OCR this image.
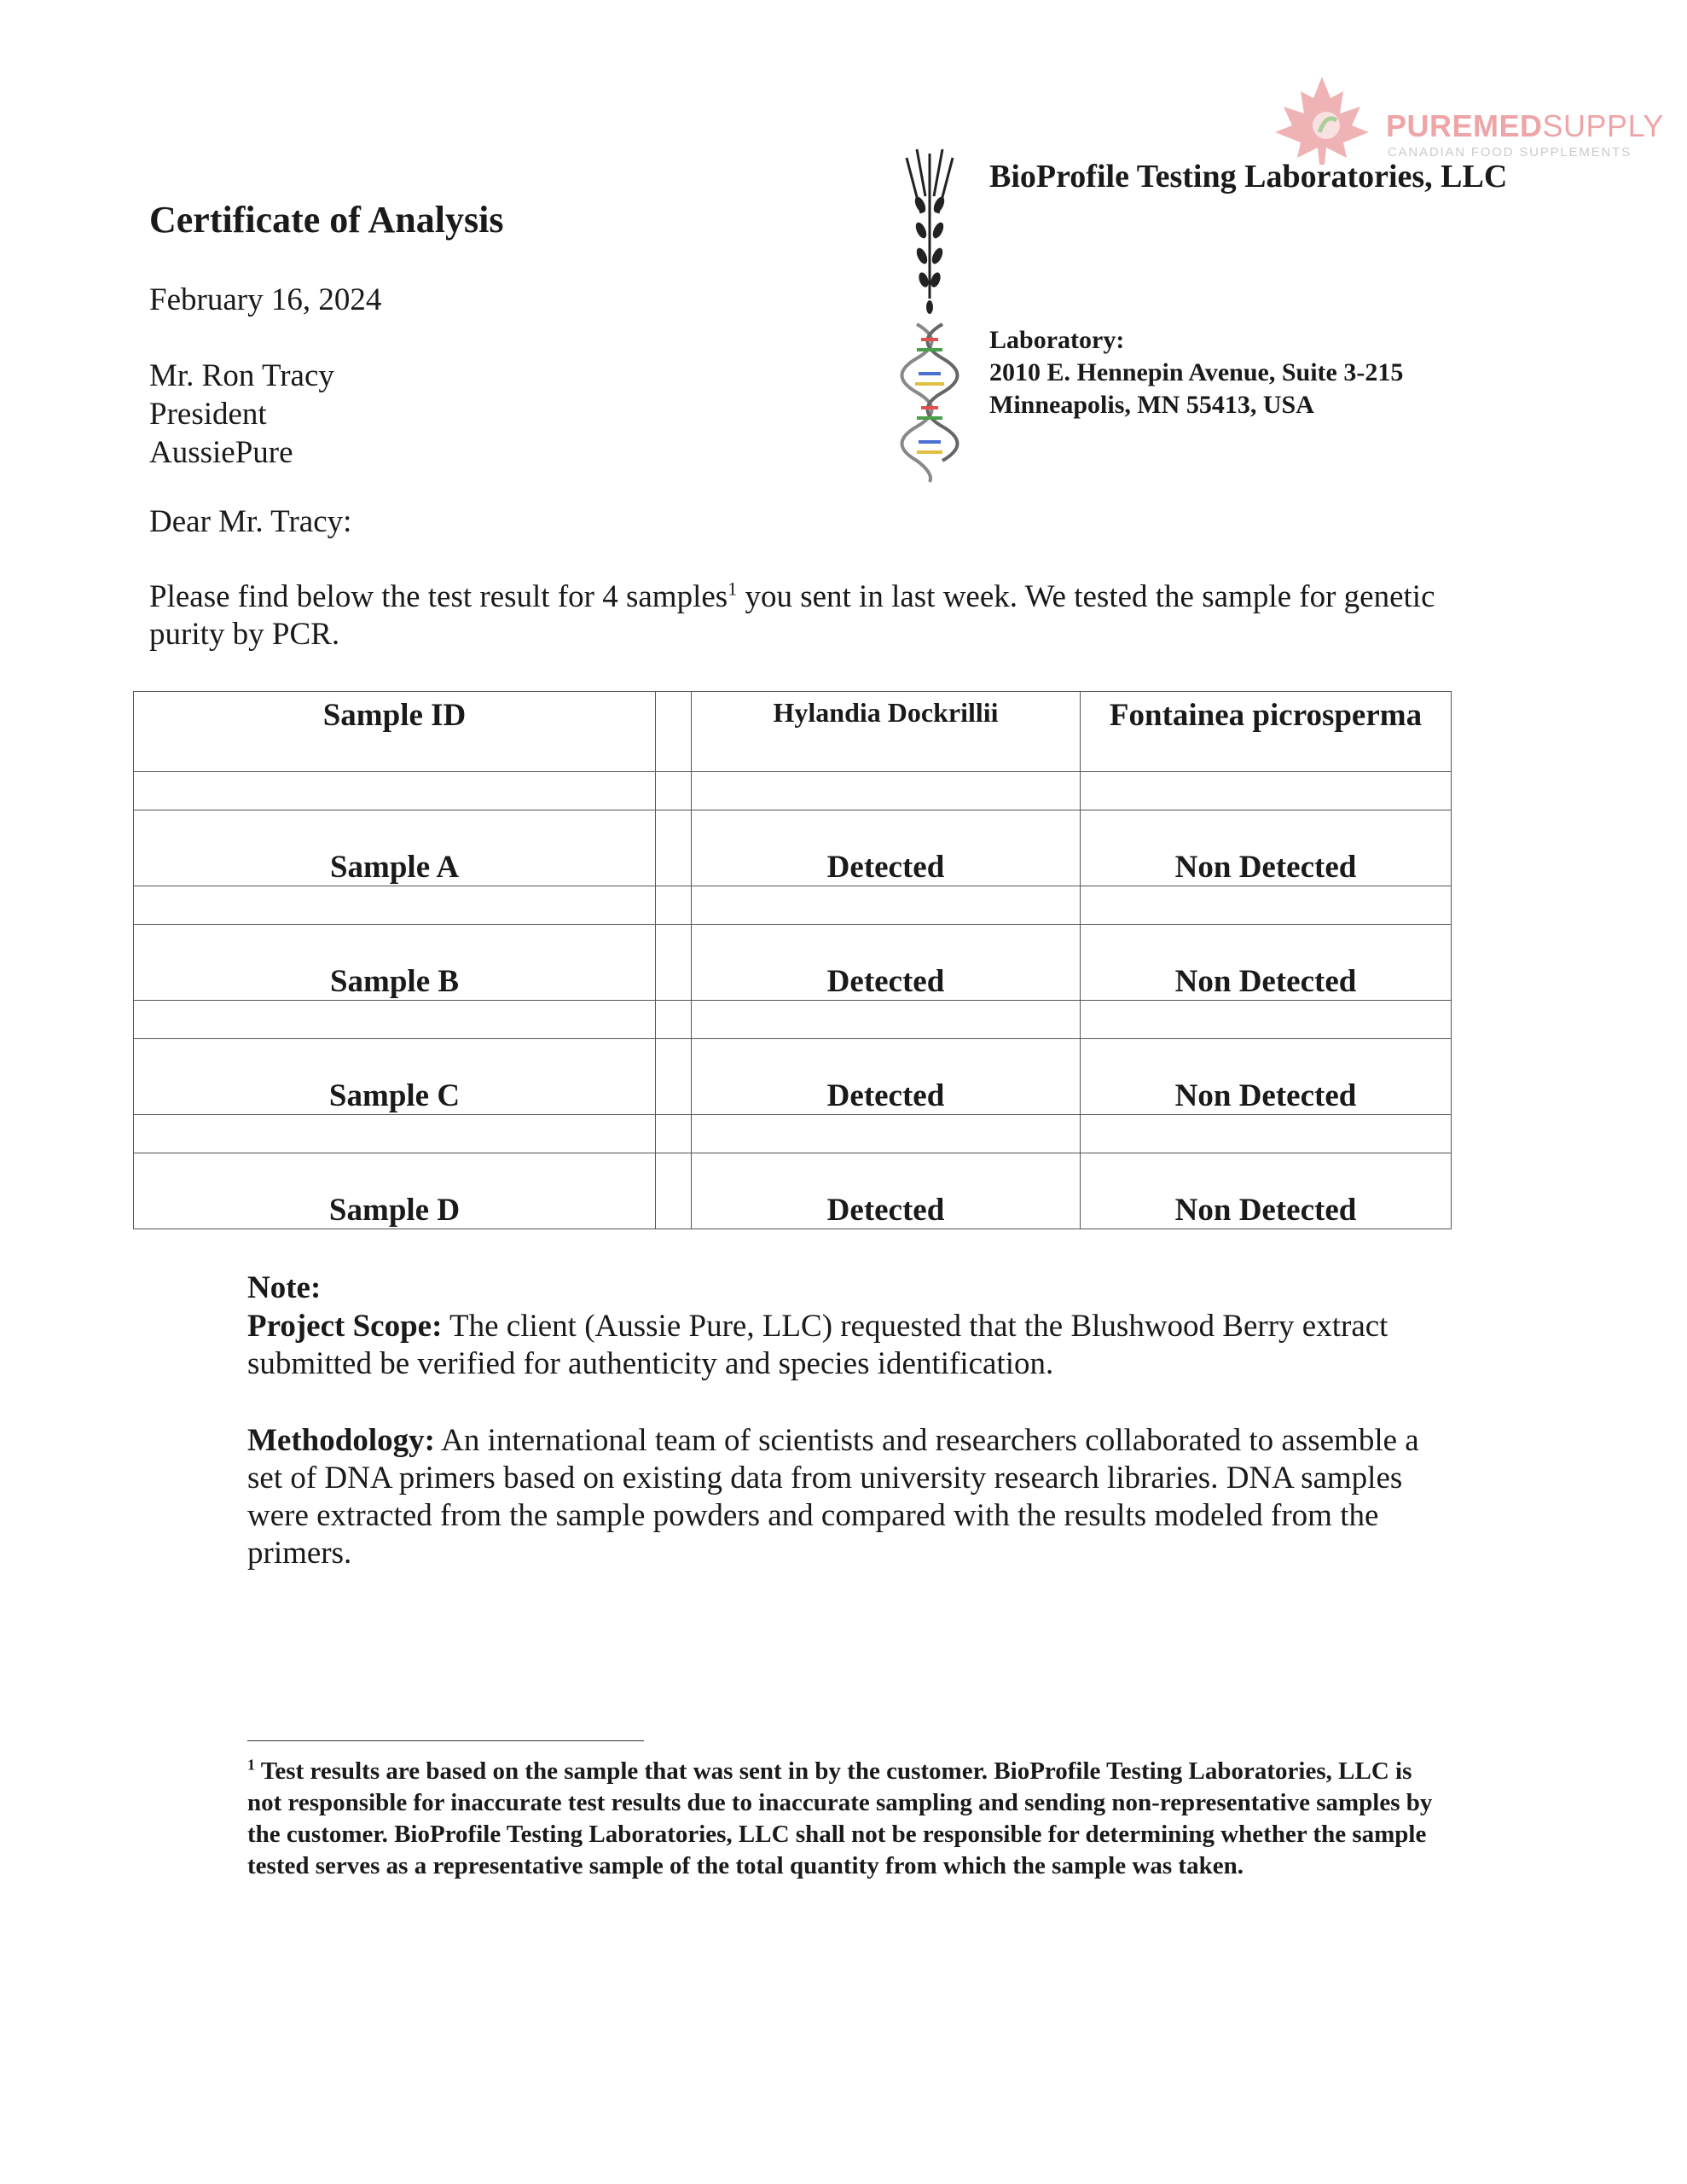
PUREMEDSUPPLY
CANADIAN FOOD SUPPLEMENTS
Certificate of Analysis
February 16, 2024
Mr. Ron Tracy
President
AussiePure
Dear Mr. Tracy:
Please find below the test result for 4 samples$^1$ you sent in last week. We tested the sample for genetic purity by PCR.
BioProfile Testing Laboratories, LLC
Laboratory:
2010 E. Hennepin Avenue, Suite 3-215
Minneapolis, MN 55413, USA
Sample ID		Hylandia Dockrillii	Fontainea picrosperma

Sample A		Detected	Non Detected

Sample B		Detected	Non Detected

Sample C		Detected	Non Detected

Sample D		Detected	Non Detected
Note:
Project Scope: The client (Aussie Pure, LLC) requested that the Blushwood Berry extract submitted be verified for authenticity and species identification.
Methodology: An international team of scientists and researchers collaborated to assemble a set of DNA primers based on existing data from university research libraries. DNA samples were extracted from the sample powders and compared with the results modeled from the primers.
$^1$ Test results are based on the sample that was sent in by the customer. BioProfile Testing Laboratories, LLC is not responsible for inaccurate test results due to inaccurate sampling and sending non-representative samples by the customer. BioProfile Testing Laboratories, LLC shall not be responsible for determining whether the sample tested serves as a representative sample of the total quantity from which the sample was taken.
